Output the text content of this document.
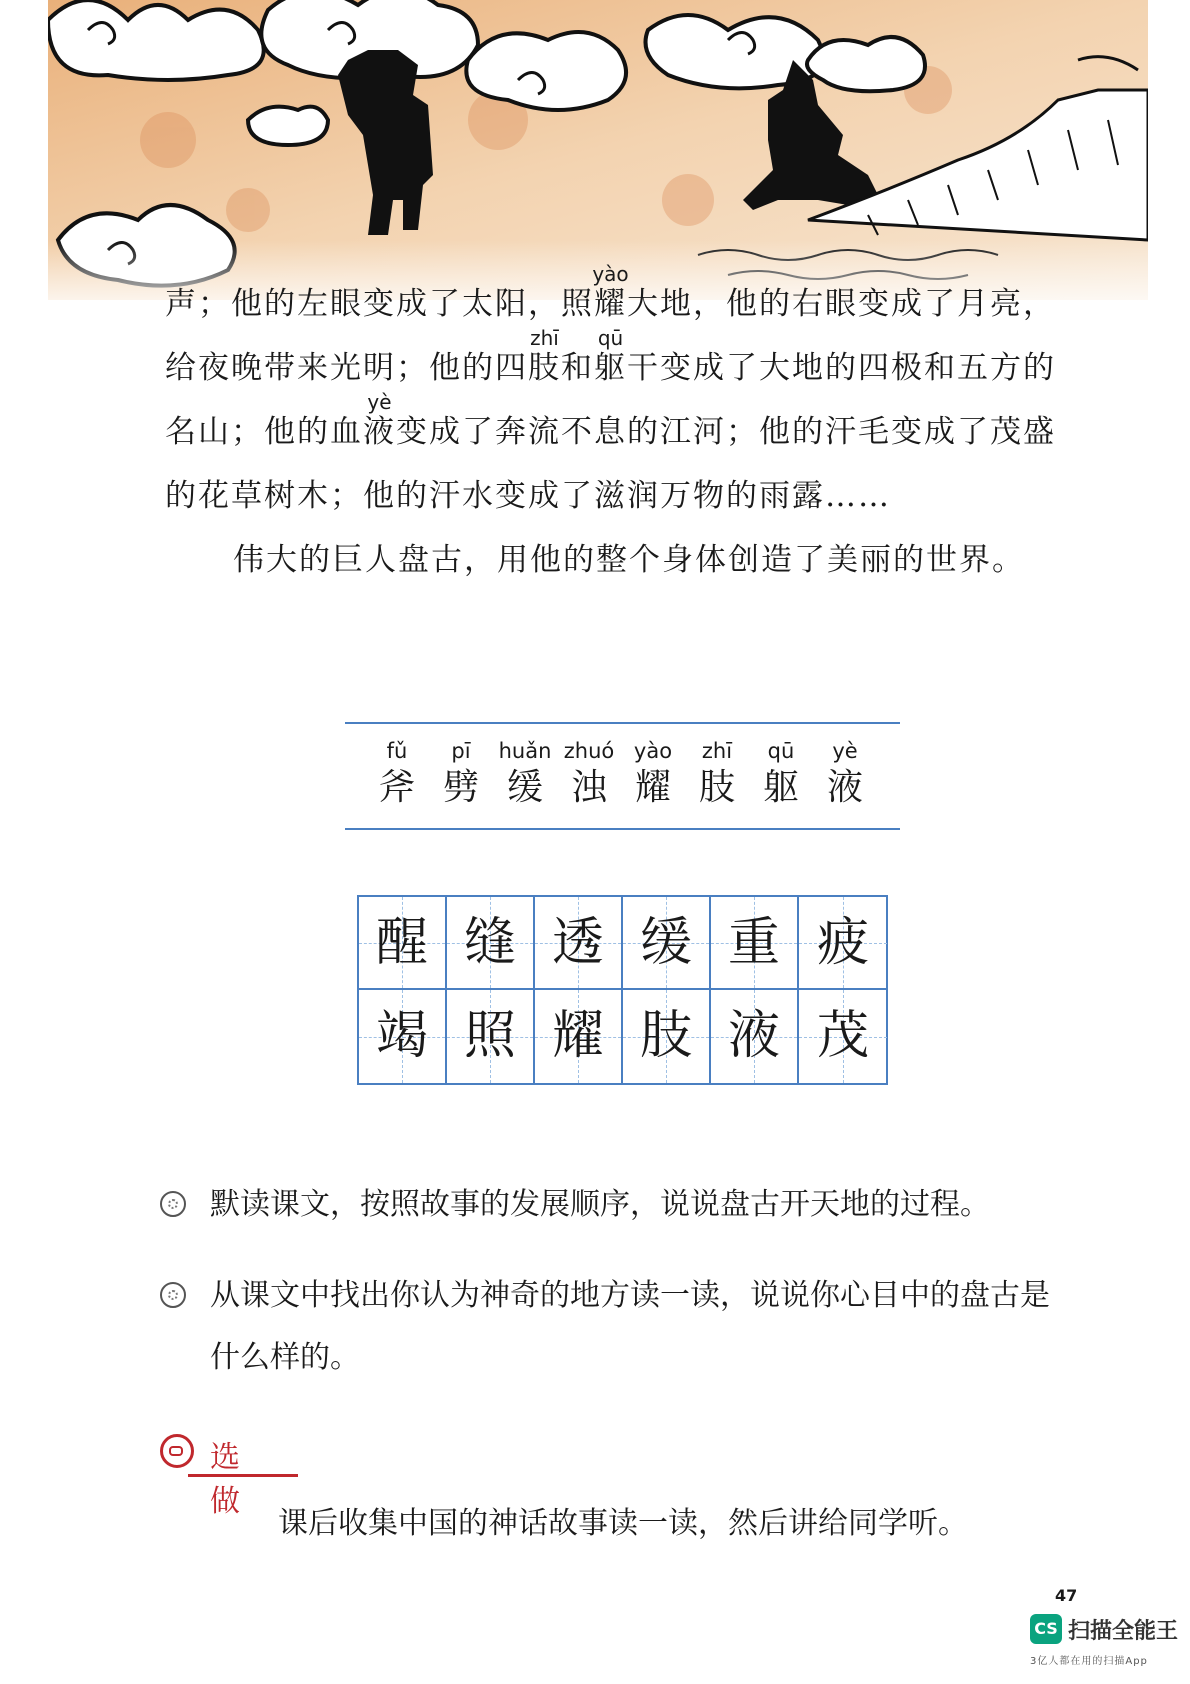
声；他的左眼变成了太阳，照
yào
耀大地，他的右眼变成了月亮，
给夜晚带来光明；他的四
zhī
肢和
qū
躯干变成了大地的四极和五方的
名山；他的血
yè
液变成了奔流不息的江河；他的汗毛变成了茂盛
的花草树木；他的汗水变成了滋润万物的雨露……
伟大的巨人盘古，用他的整个身体创造了美丽的世界。
fǔ
斧
pī
劈
huǎn
缓
zhuó
浊
yào
耀
zhī
肢
qū
躯
yè
液
醒 缝 透 缓 重 疲
竭 照 耀 肢 液 茂
默读课文，按照故事的发展顺序，说说盘古开天地的过程。
从课文中找出你认为神奇的地方读一读，说说你心目中的盘古是
什么样的。
选 做
课后收集中国的神话故事读一读，然后讲给同学听。
47
CS 扫描全能王
3亿人都在用的扫描App
